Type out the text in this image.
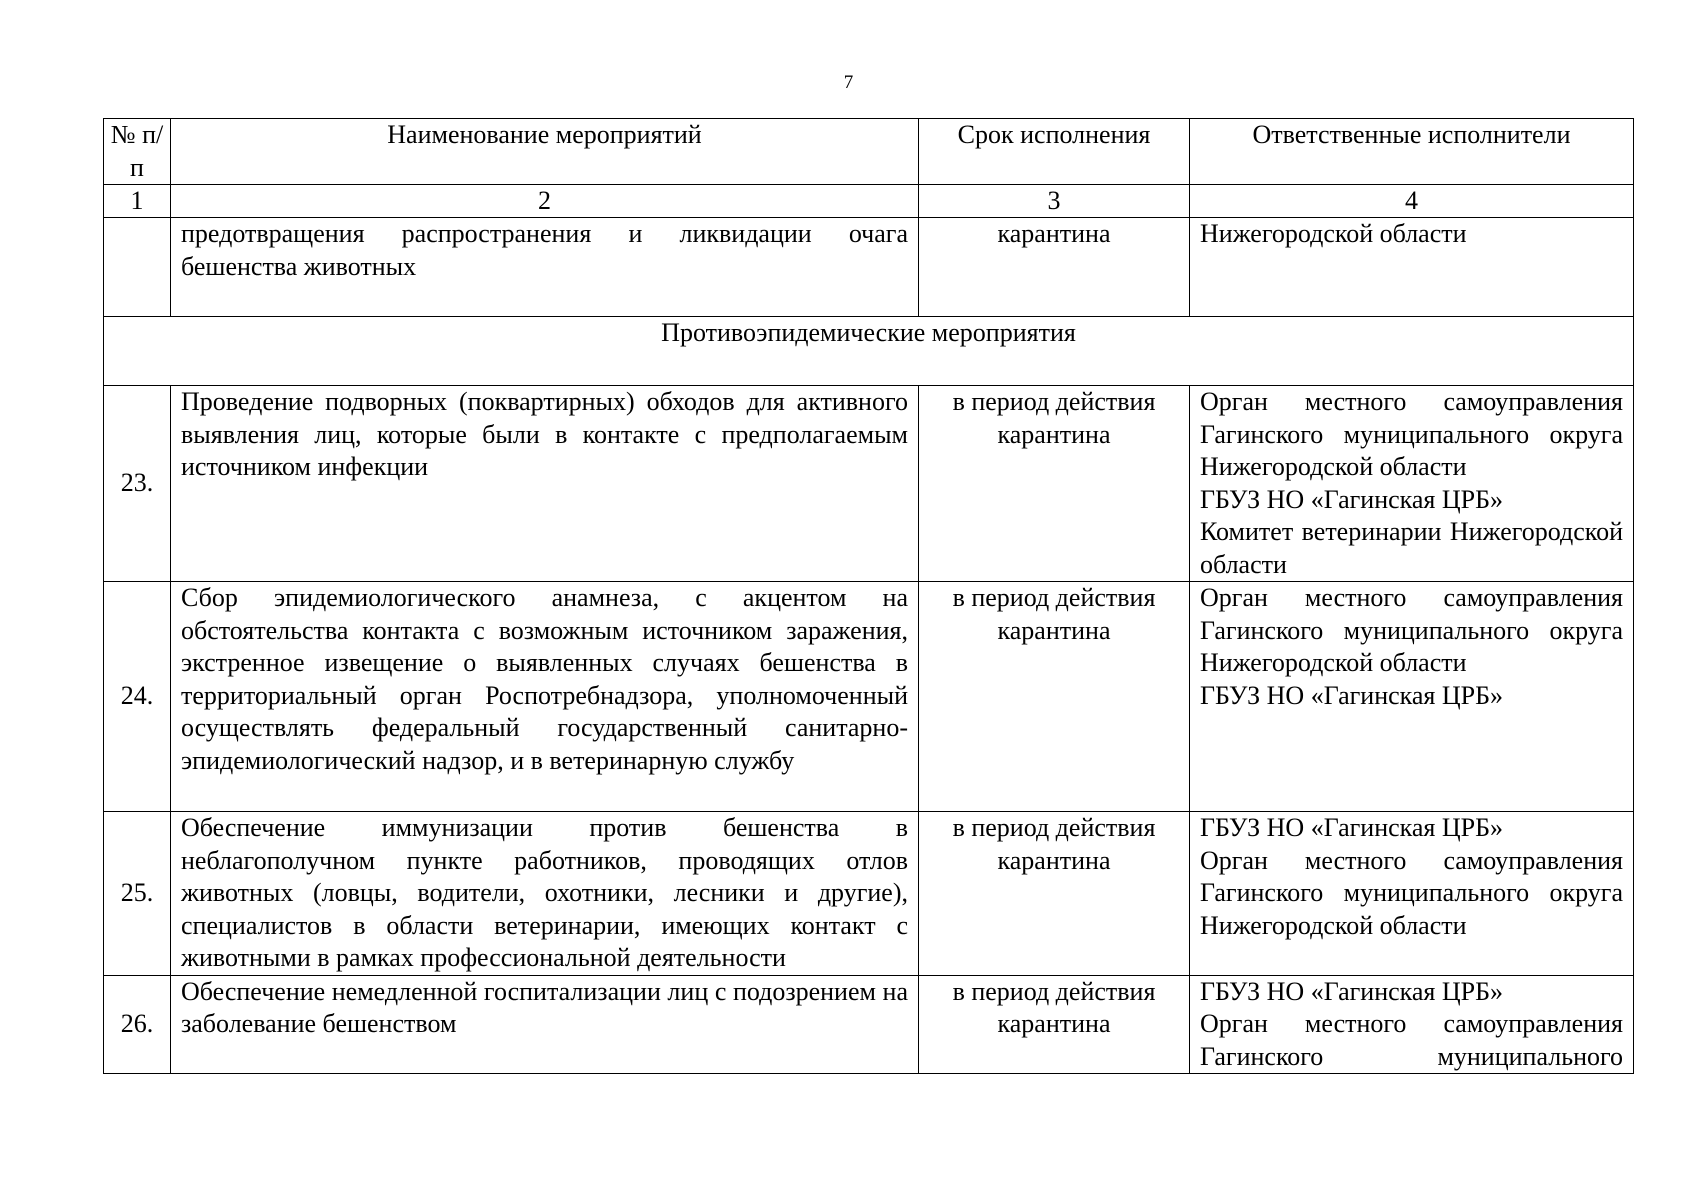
7
№ п/п	Наименование мероприятий	Срок исполнения	Ответственные исполнители
1	2	3	4
	предотвращения распространения и ликвидации очага бешенства животных	карантина	Нижегородской области

Противоэпидемические мероприятия			
23.	Проведение подворных (поквартирных) обходов для активного выявления лиц, которые были в контакте с предполагаемым источником инфекции	в период действия карантина	Орган местного самоуправления Гагинского муниципального округа Нижегородской области
ГБУЗ НО «Гагинская ЦРБ»
Комитет ветеринарии Нижегородской области

24.	Сбор эпидемиологического анамнеза, с акцентом на обстоятельства контакта с возможным источником заражения, экстренное извещение о выявленных случаях бешенства в территориальный орган Роспотребнадзора, уполномоченный осуществлять федеральный государственный санитарно-эпидемиологический надзор, и в ветеринарную службу	в период действия карантина	Орган местного самоуправления Гагинского муниципального округа Нижегородской области
ГБУЗ НО «Гагинская ЦРБ»

25.	Обеспечение иммунизации против бешенства в неблагополучном пункте работников, проводящих отлов животных (ловцы, водители, охотники, лесники и другие), специалистов в области ветеринарии, имеющих контакт с животными в рамках профессиональной деятельности	в период действия карантина	ГБУЗ НО «Гагинская ЦРБ»
Орган местного самоуправления Гагинского муниципального округа Нижегородской области

26.	Обеспечение немедленной госпитализации лиц с подозрением на заболевание бешенством	в период действия карантина	ГБУЗ НО «Гагинская ЦРБ»
Орган местного самоуправления Гагинского муниципального
